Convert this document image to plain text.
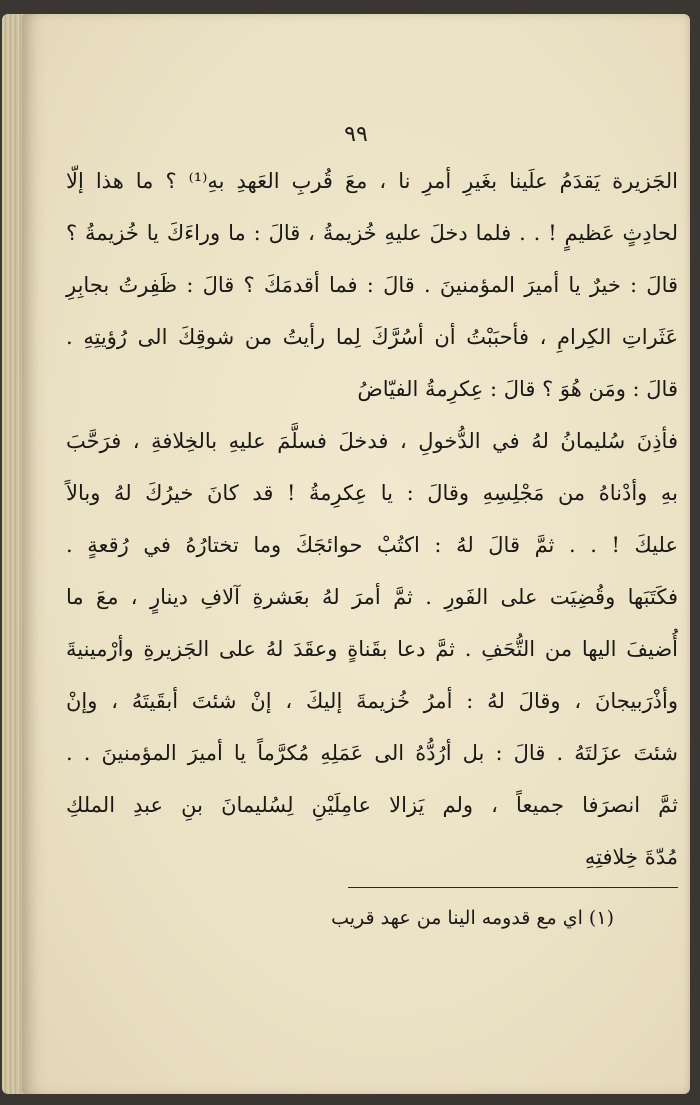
٩٩
الجَزيرة يَقدَمُ علَينا بغَيرِ أمرِ نا ، معَ قُربِ العَهدِ بهِ⁽¹⁾ ؟ ما هذا إلّا
لحادِثٍ عَظيمٍ ! . . فلما دخلَ عليهِ خُزيمةُ ، قالَ : ما وراءَكَ يا خُزيمةُ ؟
قالَ : خيرٌ يا أميرَ المؤمنينَ . قالَ : فما أقدمَكَ ؟ قالَ : ظَفِرتُ بجابِرِ
عَثَراتِ الكِرامِ ، فأحبَبْتُ أن أسُرَّكَ لِما رأيتُ من شوقِكَ الى رُؤيتِهِ .
قالَ : ومَن هُوَ ؟ قالَ : عِكرِمةُ الفيّاضُ
فأذِنَ سُليمانُ لهُ في الدُّخولِ ، فدخلَ فسلَّمَ عليهِ بالخِلافةِ ، فرَحَّبَ
بهِ وأدْناهُ من مَجْلِسِهِ وقالَ : يا عِكرِمةُ ! قد كانَ خيرُكَ لهُ وبالاً
عليكَ ! . . ثمَّ قالَ لهُ : اكتُبْ حوائجَكَ وما تختارُهُ في رُقعةٍ .
فكَتَبَها وقُضِيَت على الفَورِ . ثمَّ أمرَ لهُ بعَشرةِ آلافِ دينارٍ ، معَ ما
أُضيفَ اليها من التُّحَفِ . ثمَّ دعا بقَناةٍ وعقَدَ لهُ على الجَزيرةِ وأرْمينيةَ
وأذْرَبيجانَ ، وقالَ لهُ : أمرُ خُزيمةَ إليكَ ، إنْ شئتَ أبقَيتَهُ ، وإنْ
شئتَ عزَلتَهُ . قالَ : بل أرُدُّهُ الى عَمَلِهِ مُكرَّماً يا أميرَ المؤمنينَ . .
ثمَّ انصرَفا جميعاً ، ولم يَزالا عامِلَيْنِ لِسُليمانَ بنِ عبدِ الملكِ
مُدّةَ خِلافتِهِ
(١) اي مع قدومه الينا من عهد قريب
